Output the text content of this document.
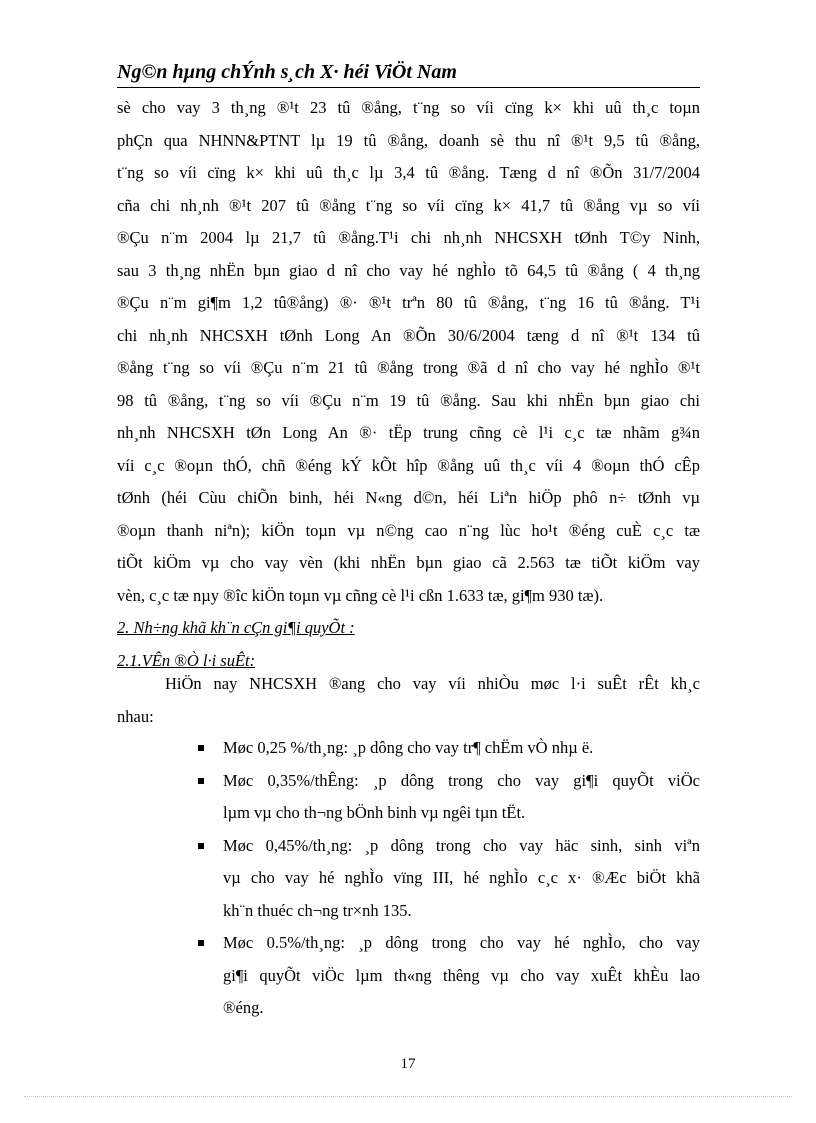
Ng©n hµng chÝnh s¸ch X· héi ViÖt Nam
sè cho vay 3 th¸ng ®¹t 23 tû ®ång, t¨ng so víi cïng k× khi uû th¸c toµn
phÇn qua NHNN&PTNT lµ 19 tû ®ång, doanh sè thu nî ®¹t 9,5 tû ®ång,
t¨ng so víi cïng k× khi uû th¸c lµ 3,4 tû ®ång. Tæng d nî ®Õn 31/7/2004
cña chi nh¸nh ®¹t 207 tû ®ång t¨ng so víi cïng k× 41,7 tû ®ång vµ so víi
®Çu n¨m 2004 lµ 21,7 tû ®ång.T¹i chi nh¸nh NHCSXH tØnh T©y Ninh,
sau 3 th¸ng nhËn bµn giao d nî cho vay hé nghÌo tõ 64,5 tû ®ång ( 4 th¸ng
®Çu n¨m gi¶m 1,2 tû®ång) ®· ®¹t trªn 80 tû ®ång, t¨ng 16 tû ®ång. T¹i
chi nh¸nh NHCSXH tØnh Long An ®Õn 30/6/2004 tæng d nî ®¹t 134 tû
®ång t¨ng so víi ®Çu n¨m 21 tû ®ång trong ®ã d nî cho vay hé nghÌo ®¹t
98 tû ®ång, t¨ng so víi ®Çu n¨m 19 tû ®ång. Sau khi nhËn bµn giao chi
nh¸nh NHCSXH tØn Long An ®· tËp trung cñng cè l¹i c¸c tæ nhãm g¾n
víi c¸c ®oµn thÓ, chñ ®éng kÝ kÕt hîp ®ång uû th¸c víi 4 ®oµn thÓ cÊp
tØnh (héi Cùu chiÕn binh, héi N«ng d©n, héi Liªn hiÖp phô n÷ tØnh vµ
®oµn thanh niªn); kiÖn toµn vµ n©ng cao n¨ng lùc ho¹t ®éng cuÈ c¸c tæ
tiÕt kiÖm vµ cho vay vèn (khi nhËn bµn giao cã 2.563 tæ tiÕt kiÖm vay
vèn, c¸c tæ nµy ®îc kiÖn toµn vµ cñng cè l¹i cßn 1.633 tæ, gi¶m 930 tæ).
2. Nh÷ng khã kh¨n cÇn gi¶i quyÕt :
2.1.VÊn ®Ò l·i suÊt:
HiÖn nay NHCSXH ®ang cho vay víi nhiÒu møc l·i suÊt rÊt kh¸c
nhau:
Møc 0,25 %/th¸ng: ¸p dông cho vay tr¶ chËm vÒ nhµ ë.
Møc 0,35%/thÊng: ¸p dông trong cho vay gi¶i quyÕt viÖc
lµm vµ cho th¬ng bÖnh binh vµ ngêi tµn tËt.
Møc 0,45%/th¸ng: ¸p dông trong cho vay häc sinh, sinh viªn
vµ cho vay hé nghÌo vïng III, hé nghÌo c¸c x· ®Æc biÖt khã
kh¨n thuéc ch¬ng tr×nh 135.
Møc 0.5%/th¸ng: ¸p dông trong cho vay hé nghÌo, cho vay
gi¶i quyÕt viÖc lµm th«ng thêng vµ cho vay xuÊt khÈu lao
®éng.
17
